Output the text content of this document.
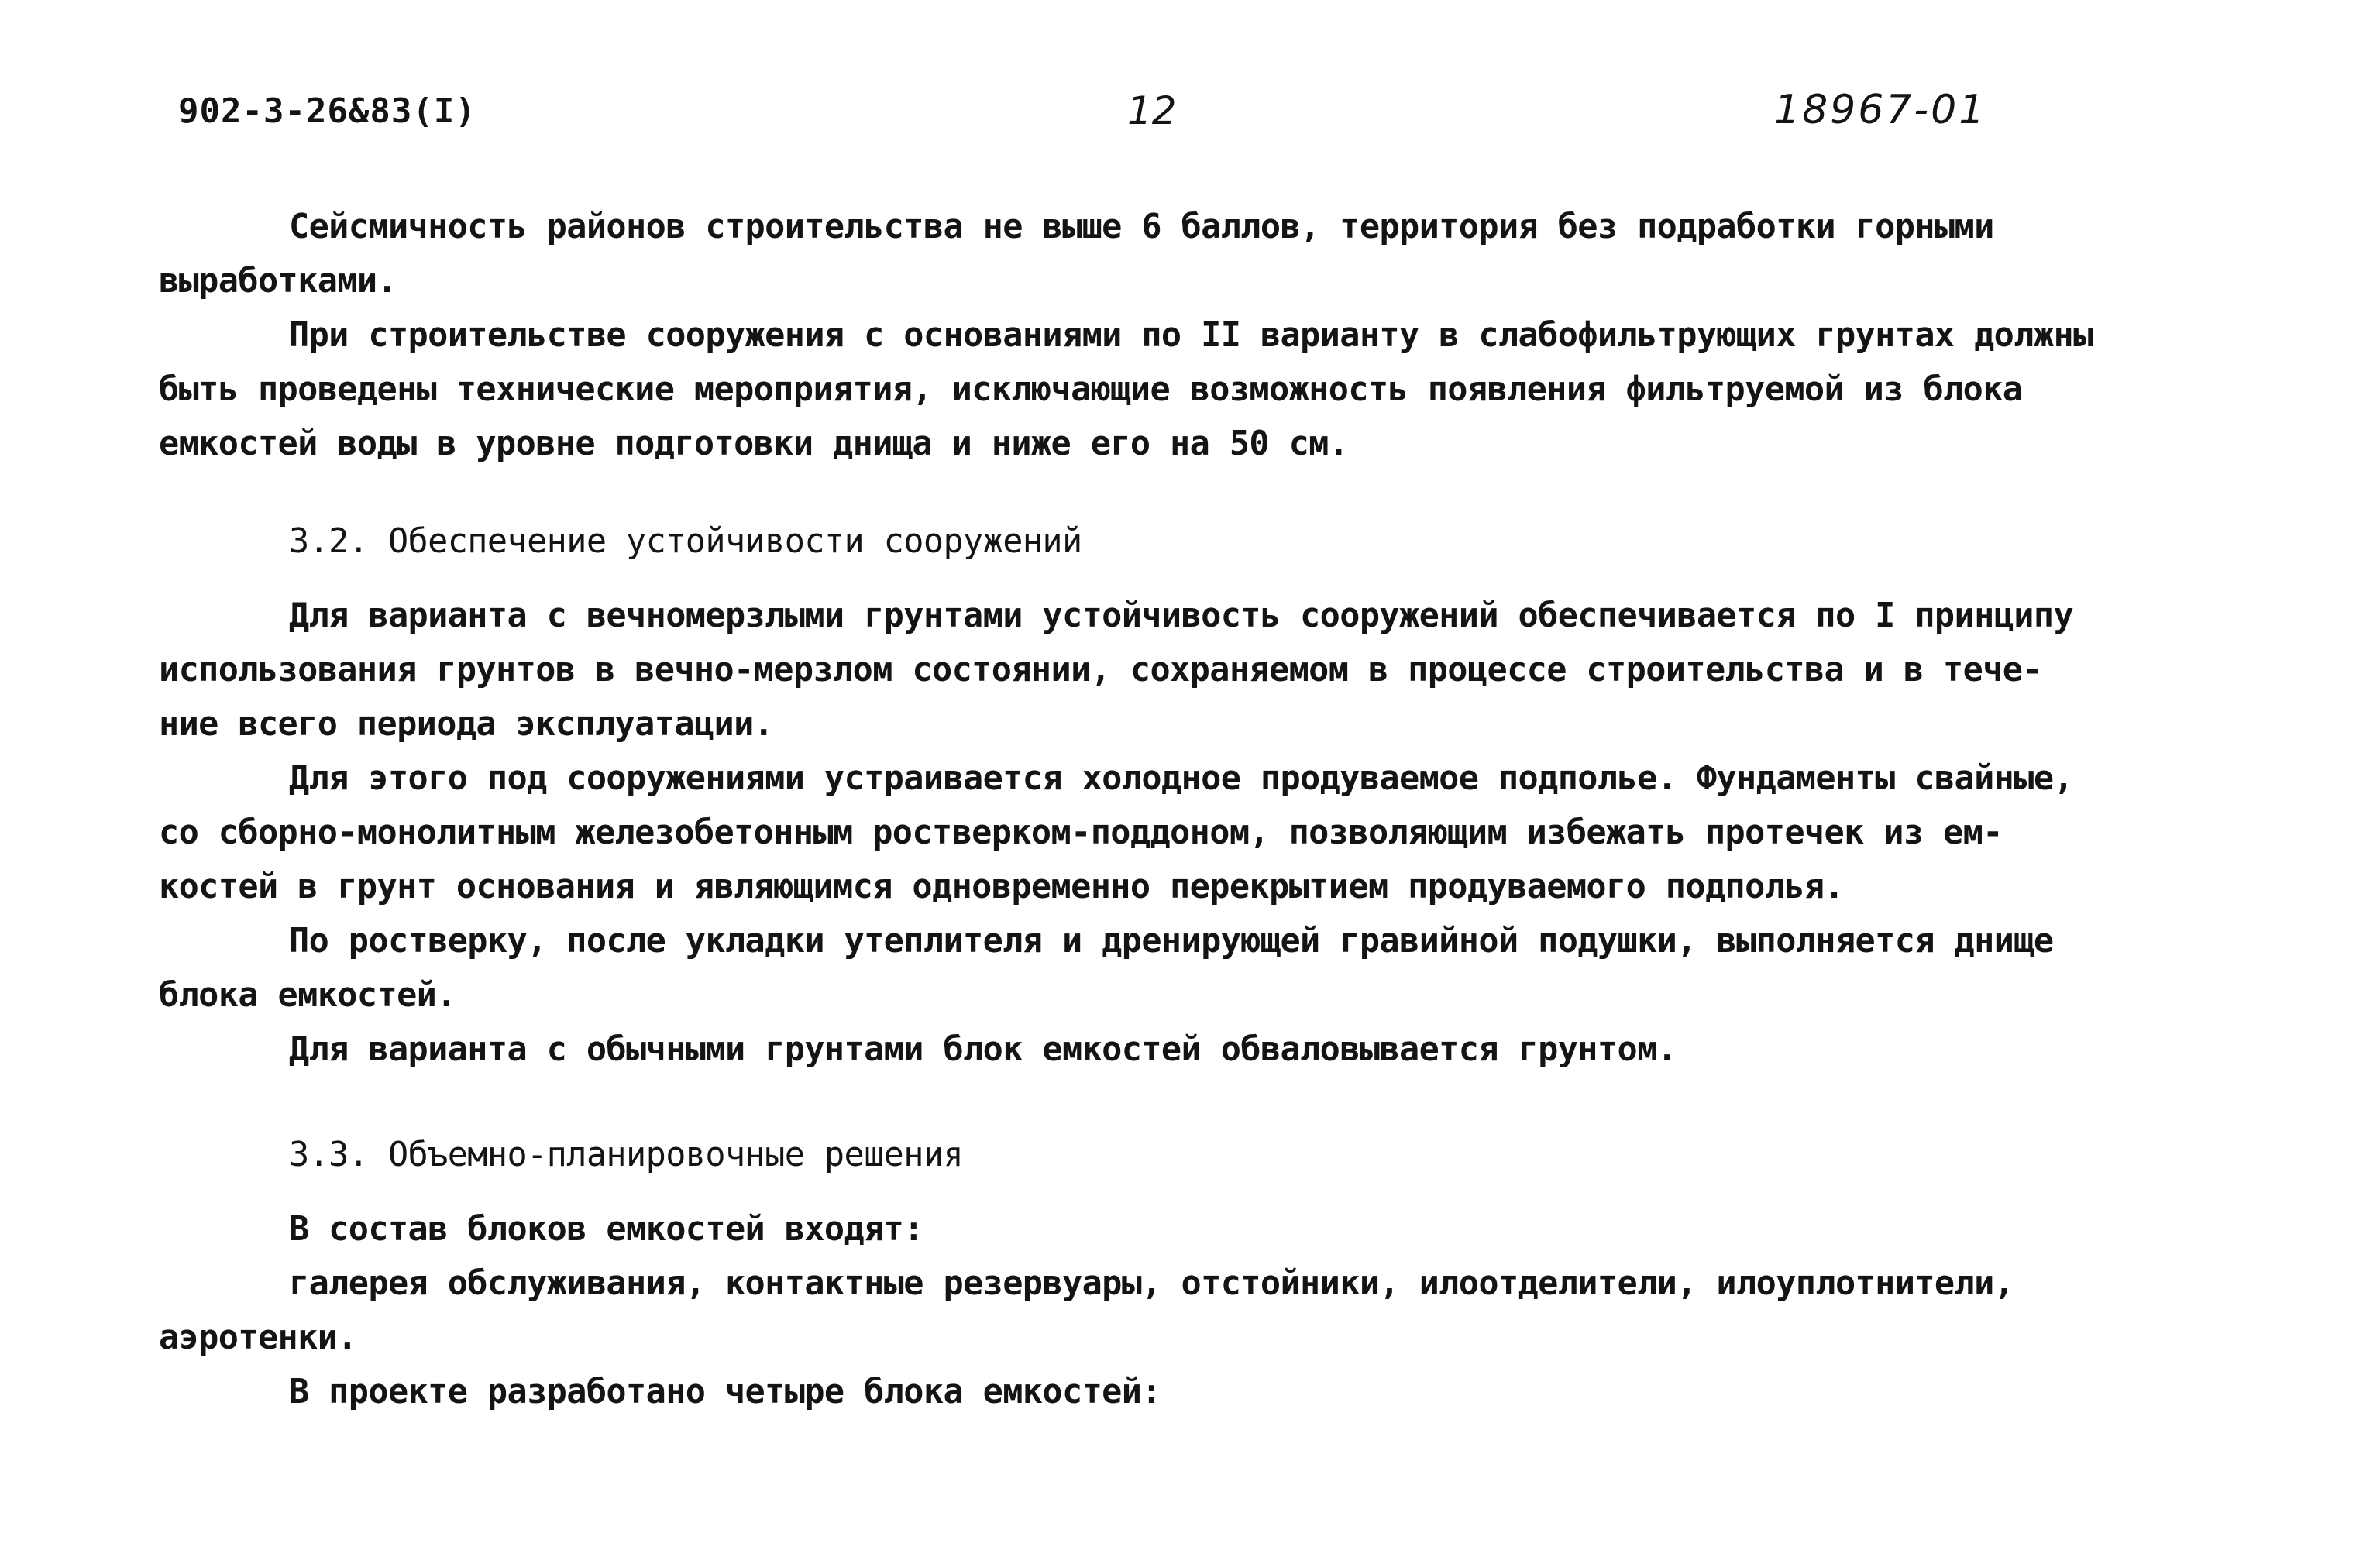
902-3-26&83(I)	12	18967-01

Сейсмичность районов строительства не выше 6 баллов, территория без подработки горными
выработками.

При строительстве сооружения с основаниями по II варианту в слабофильтрующих грунтах должны
быть проведены технические мероприятия, исключающие возможность появления фильтруемой из блока
емкостей воды в уровне подготовки днища и ниже его на 50 см.

3.2. Обеспечение устойчивости сооружений

Для варианта с вечномерзлыми грунтами устойчивость сооружений обеспечивается по I принципу
использования грунтов в вечно-мерзлом состоянии, сохраняемом в процессе строительства и в тече-
ние всего периода эксплуатации.

Для этого под сооружениями устраивается холодное продуваемое подполье. Фундаменты свайные,
со сборно-монолитным железобетонным ростверком-поддоном, позволяющим избежать протечек из ем-
костей в грунт основания и являющимся одновременно перекрытием продуваемого подполья.

По ростверку, после укладки утеплителя и дренирующей гравийной подушки, выполняется днище
блока емкостей.

Для варианта с обычными грунтами блок емкостей обваловывается грунтом.

3.3. Объемно-планировочные решения

В состав блоков емкостей входят:

галерея обслуживания, контактные резервуары, отстойники, илоотделители, илоуплотнители,
аэротенки.

В проекте разработано четыре блока емкостей:
